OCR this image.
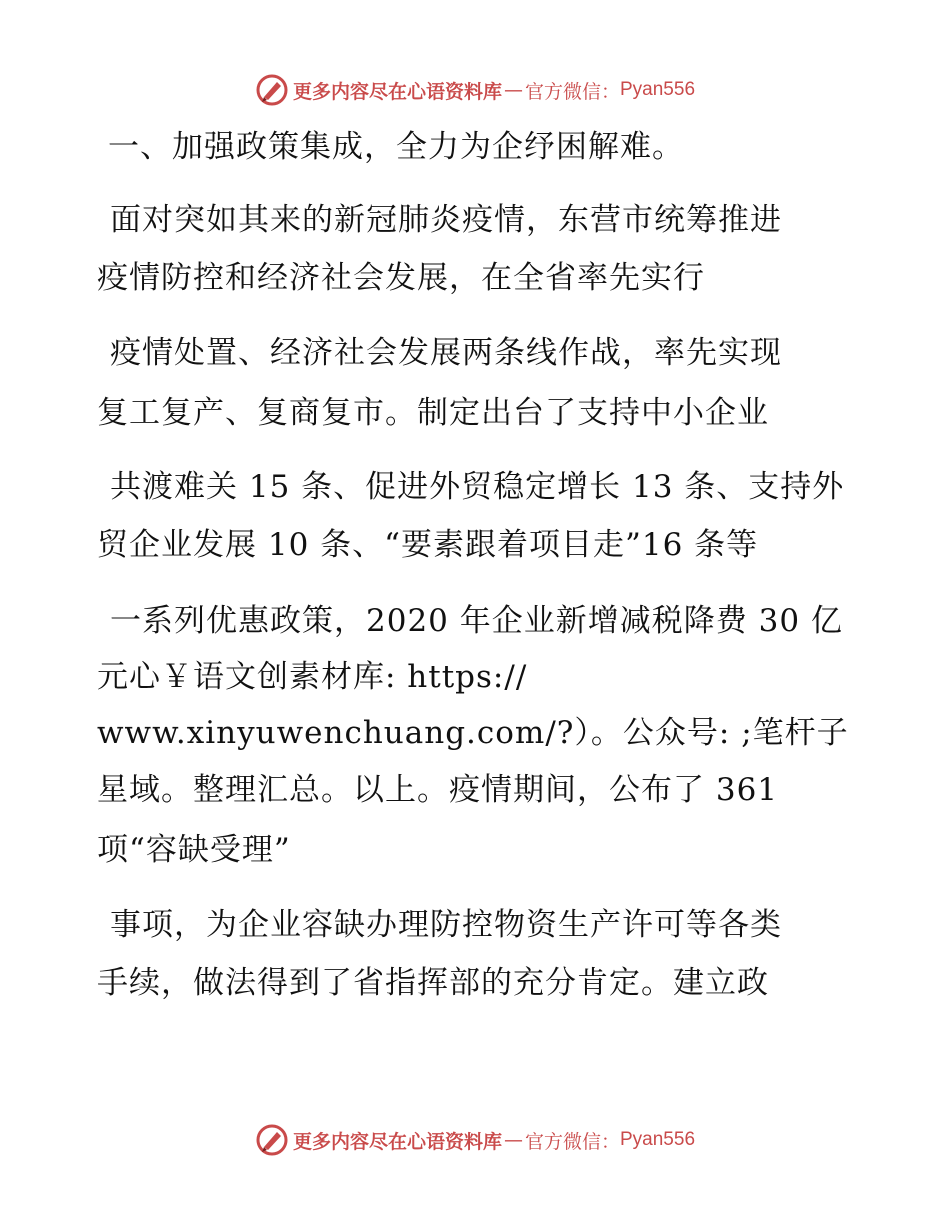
更多内容尽在心语资料库 — 官方微信： Pyan556
一、加强政策集成，全力为企纾困解难。
面对突如其来的新冠肺炎疫情，东营市统筹推进
疫情防控和经济社会发展，在全省率先实行
疫情处置、经济社会发展两条线作战，率先实现
复工复产、复商复市。制定出台了支持中小企业
共渡难关 15 条、促进外贸稳定增长 13 条、支持外
贸企业发展 10 条、“要素跟着项目走”16 条等
一系列优惠政策，2020 年企业新增减税降费 30 亿
元心￥语文创素材库: https://
www.xinyuwenchuang.com/?）。公众号: ;笔杆子
星域。整理汇总。以上。疫情期间，公布了 361
项“容缺受理”
事项，为企业容缺办理防控物资生产许可等各类
手续，做法得到了省指挥部的充分肯定。建立政
更多内容尽在心语资料库 — 官方微信： Pyan556
